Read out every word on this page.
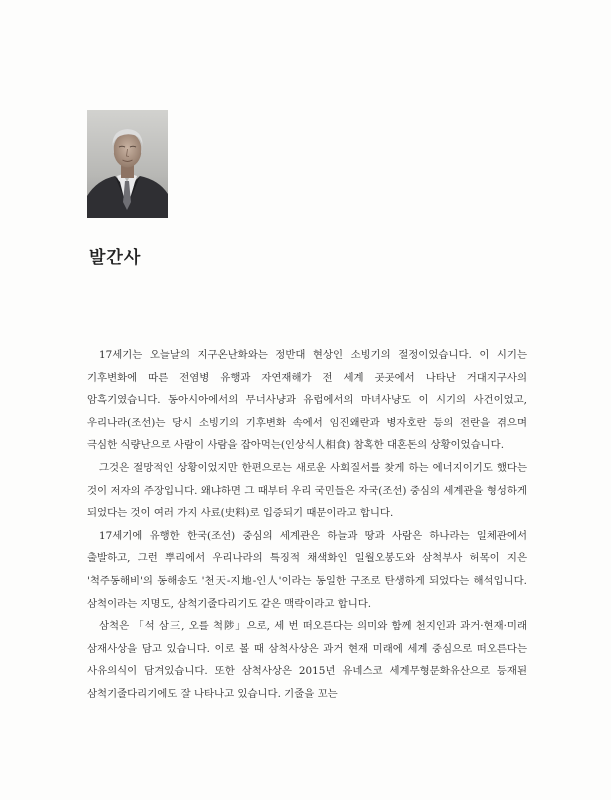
발간사

17세기는 오늘날의 지구온난화와는 정반대 현상인 소빙기의 절정이었습니다. 이 시기는 기후변화에 따른 전염병 유행과 자연재해가 전 세계 곳곳에서 나타난 거대지구사의 암흑기였습니다. 동아시아에서의 무너사냥과 유럽에서의 마녀사냥도 이 시기의 사건이었고, 우리나라(조선)는 당시 소빙기의 기후변화 속에서 임진왜란과 병자호란 등의 전란을 겪으며 극심한 식량난으로 사람이 사람을 잡아먹는(인상식人相食) 참혹한 대혼돈의 상황이었습니다.

그것은 절망적인 상황이었지만 한편으로는 새로운 사회질서를 찾게 하는 에너지이기도 했다는 것이 저자의 주장입니다. 왜냐하면 그 때부터 우리 국민들은 자국(조선) 중심의 세계관을 형성하게 되었다는 것이 여러 가지 사료(史料)로 입증되기 때문이라고 합니다.

17세기에 유행한 한국(조선) 중심의 세계관은 하늘과 땅과 사람은 하나라는 일체관에서 출발하고, 그런 뿌리에서 우리나라의 특징적 채색화인 일월오봉도와 삼척부사 허목이 지은 '척주동해비'의 동해송도 '천天-지地-인人'이라는 동일한 구조로 탄생하게 되었다는 해석입니다. 삼척이라는 지명도, 삼척기줄다리기도 같은 맥락이라고 합니다.

삼척은 「석 삼三, 오를 척陟」으로, 세 번 떠오른다는 의미와 함께 천지인과 과거·현재·미래 삼재사상을 담고 있습니다. 이로 볼 때 삼척사상은 과거 현재 미래에 세계 중심으로 떠오른다는 사유의식이 담겨있습니다. 또한 삼척사상은 2015년 유네스코 세계무형문화유산으로 등재된 삼척기줄다리기에도 잘 나타나고 있습니다. 기줄을 꼬는
